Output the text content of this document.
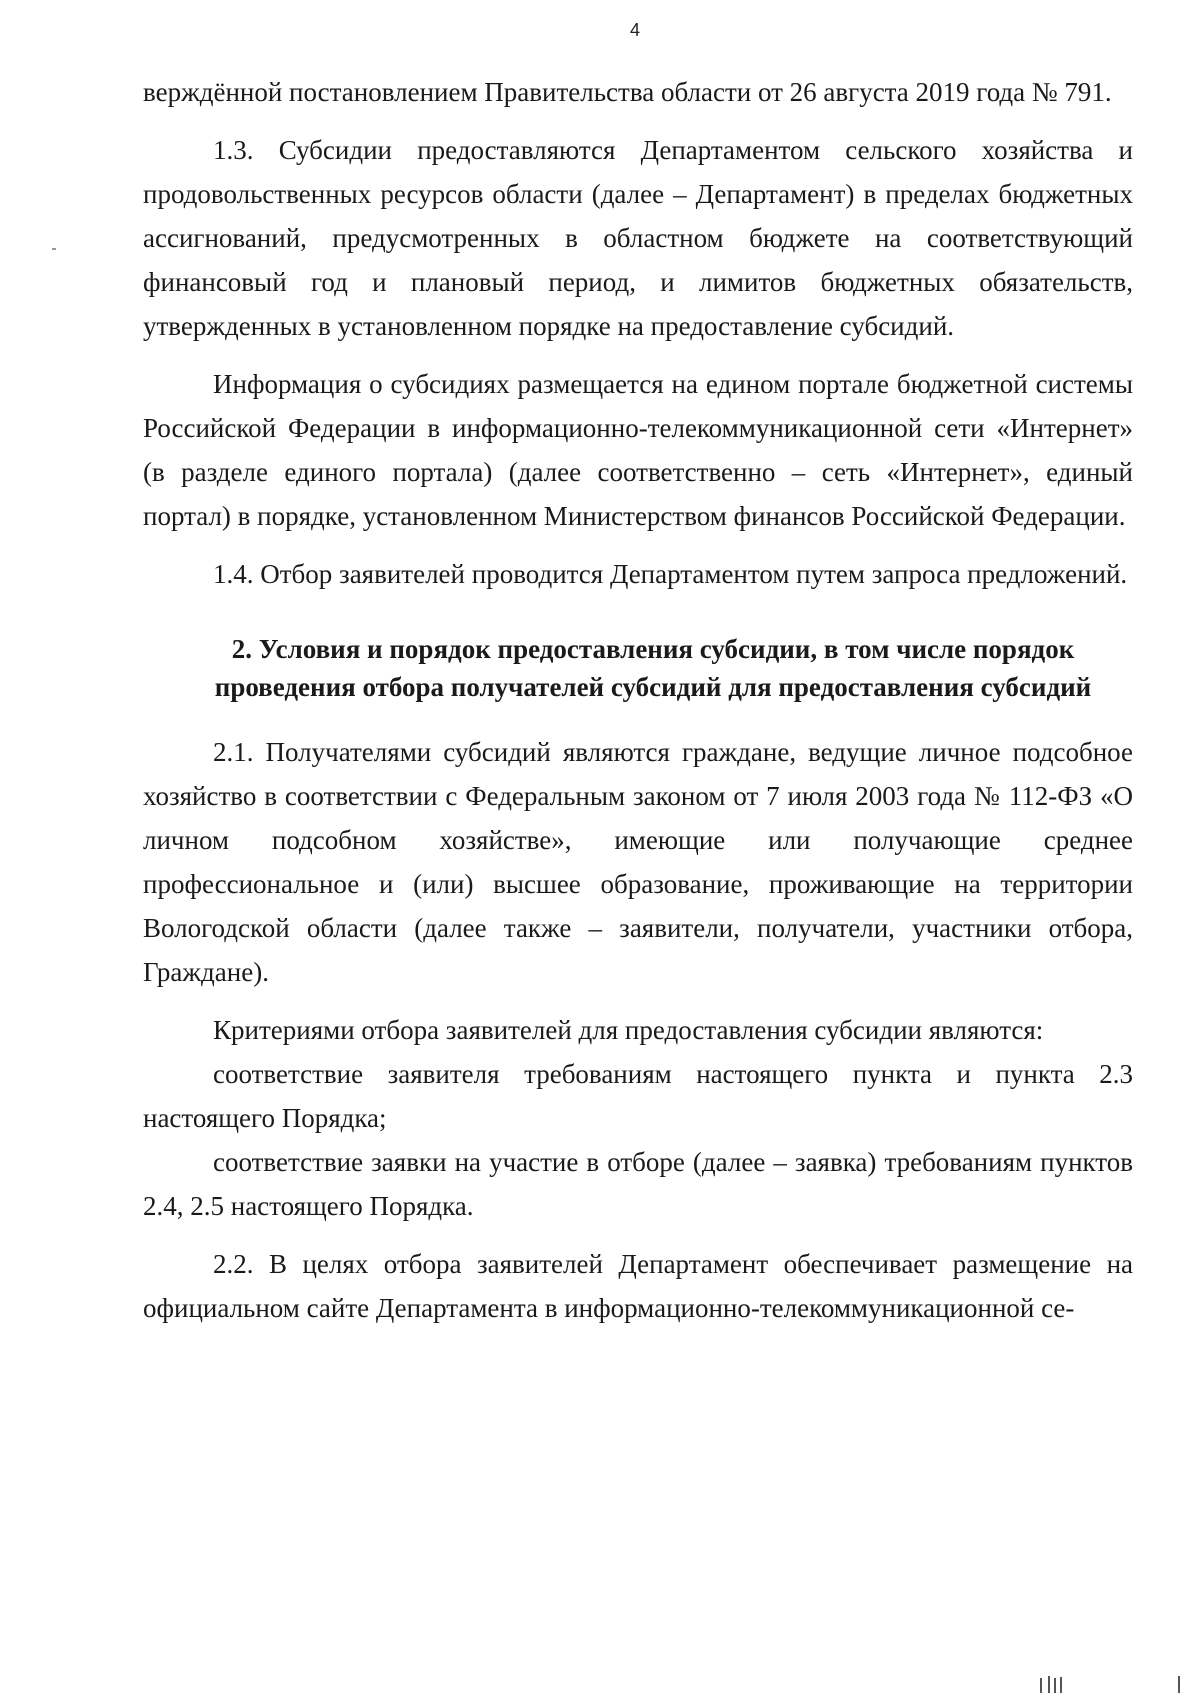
4

верждённой постановлением Правительства области от 26 августа 2019 года № 791.

1.3. Субсидии предоставляются Департаментом сельского хозяйства и продовольственных ресурсов области (далее – Департамент) в пределах бюджетных ассигнований, предусмотренных в областном бюджете на соответствующий финансовый год и плановый период, и лимитов бюджетных обязательств, утвержденных в установленном порядке на предоставление субсидий.

Информация о субсидиях размещается на едином портале бюджетной системы Российской Федерации в информационно-телекоммуникационной сети «Интернет» (в разделе единого портала) (далее соответственно – сеть «Интернет», единый портал) в порядке, установленном Министерством финансов Российской Федерации.

1.4. Отбор заявителей проводится Департаментом путем запроса предложений.

2. Условия и порядок предоставления субсидии, в том числе порядок проведения отбора получателей субсидий для предоставления субсидий

2.1. Получателями субсидий являются граждане, ведущие личное подсобное хозяйство в соответствии с Федеральным законом от 7 июля 2003 года № 112-ФЗ «О личном подсобном хозяйстве», имеющие или получающие среднее профессиональное и (или) высшее образование, проживающие на территории Вологодской области (далее также – заявители, получатели, участники отбора, Граждане).

Критериями отбора заявителей для предоставления субсидии являются:

соответствие заявителя требованиям настоящего пункта и пункта 2.3 настоящего Порядка;

соответствие заявки на участие в отборе (далее – заявка) требованиям пунктов 2.4, 2.5 настоящего Порядка.

2.2. В целях отбора заявителей Департамент обеспечивает размещение на официальном сайте Департамента в информационно-телекоммуникационной се-
